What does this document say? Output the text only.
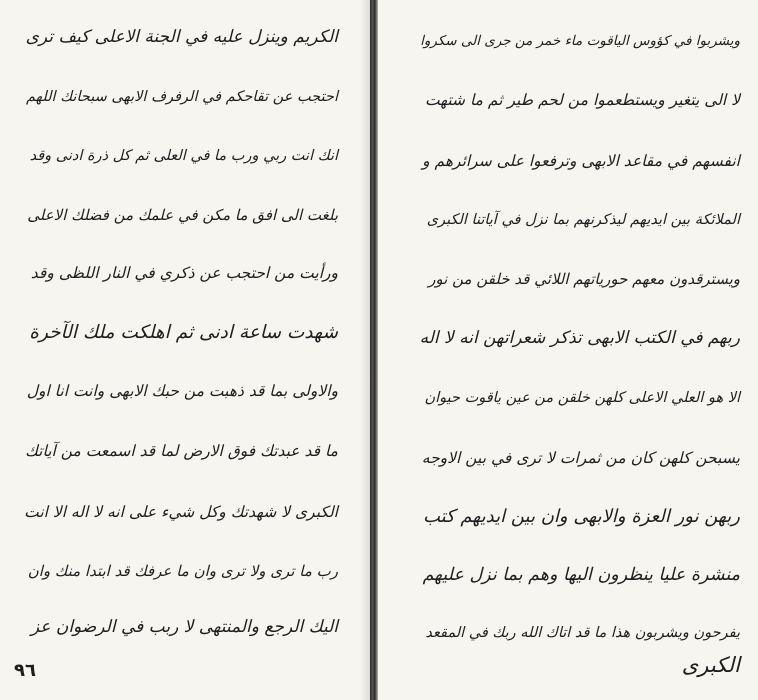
الكريم وينزل عليه في الجنة الاعلى كيف ترى
احتجب عن تقاحكم في الرفرف الابهى سبحانك اللهم
انك انت ربي ورب ما في العلى ثم كل ذرة ادنى وقد
بلغت الى افق ما مكن في علمك من فضلك الاعلى
ورأيت من احتجب عن ذكري في النار اللظى وقد
شهدت ساعة ادنى ثم اهلكت ملك الآخرة
والاولى بما قد ذهبت من حبك الابهى وانت انا اول
ما قد عبدتك فوق الارض لما قد اسمعت من آياتك
الكبرى لا شهدتك وكل شيء على انه لا اله الا انت
رب ما ترى ولا ترى وان ما عرفك قد ابتدا منك وان
اليك الرجع والمنتهى لا ربب في الرضوان عز
٩٦
ويشربوا في كؤوس الياقوت ماء خمر من جرى الى سكروا
لا الى يتغير ويستطعموا من لحم طير ثم ما شتهت
انفسهم في مقاعد الابهى وترفعوا على سرائرهم و
الملائكة بين ايديهم ليذكرنهم بما نزل في آياتنا الكبرى
ويسترقدون معهم حورياتهم اللائي قد خلقن من نور
ربهم في الكتب الابهى تذكر شعراتهن انه لا اله
الا هو العلي الاعلى كلهن خلقن من عين ياقوت حيوان
يسبحن كلهن كان من ثمرات لا ترى في بين الاوجه
ربهن نور العزة والابهى وان بين ايديهم كتب
منشرة عليا ينظرون اليها وهم بما نزل عليهم
يفرحون ويشربون هذا ما قد اتاك الله ربك في المقعد
الكبرى
